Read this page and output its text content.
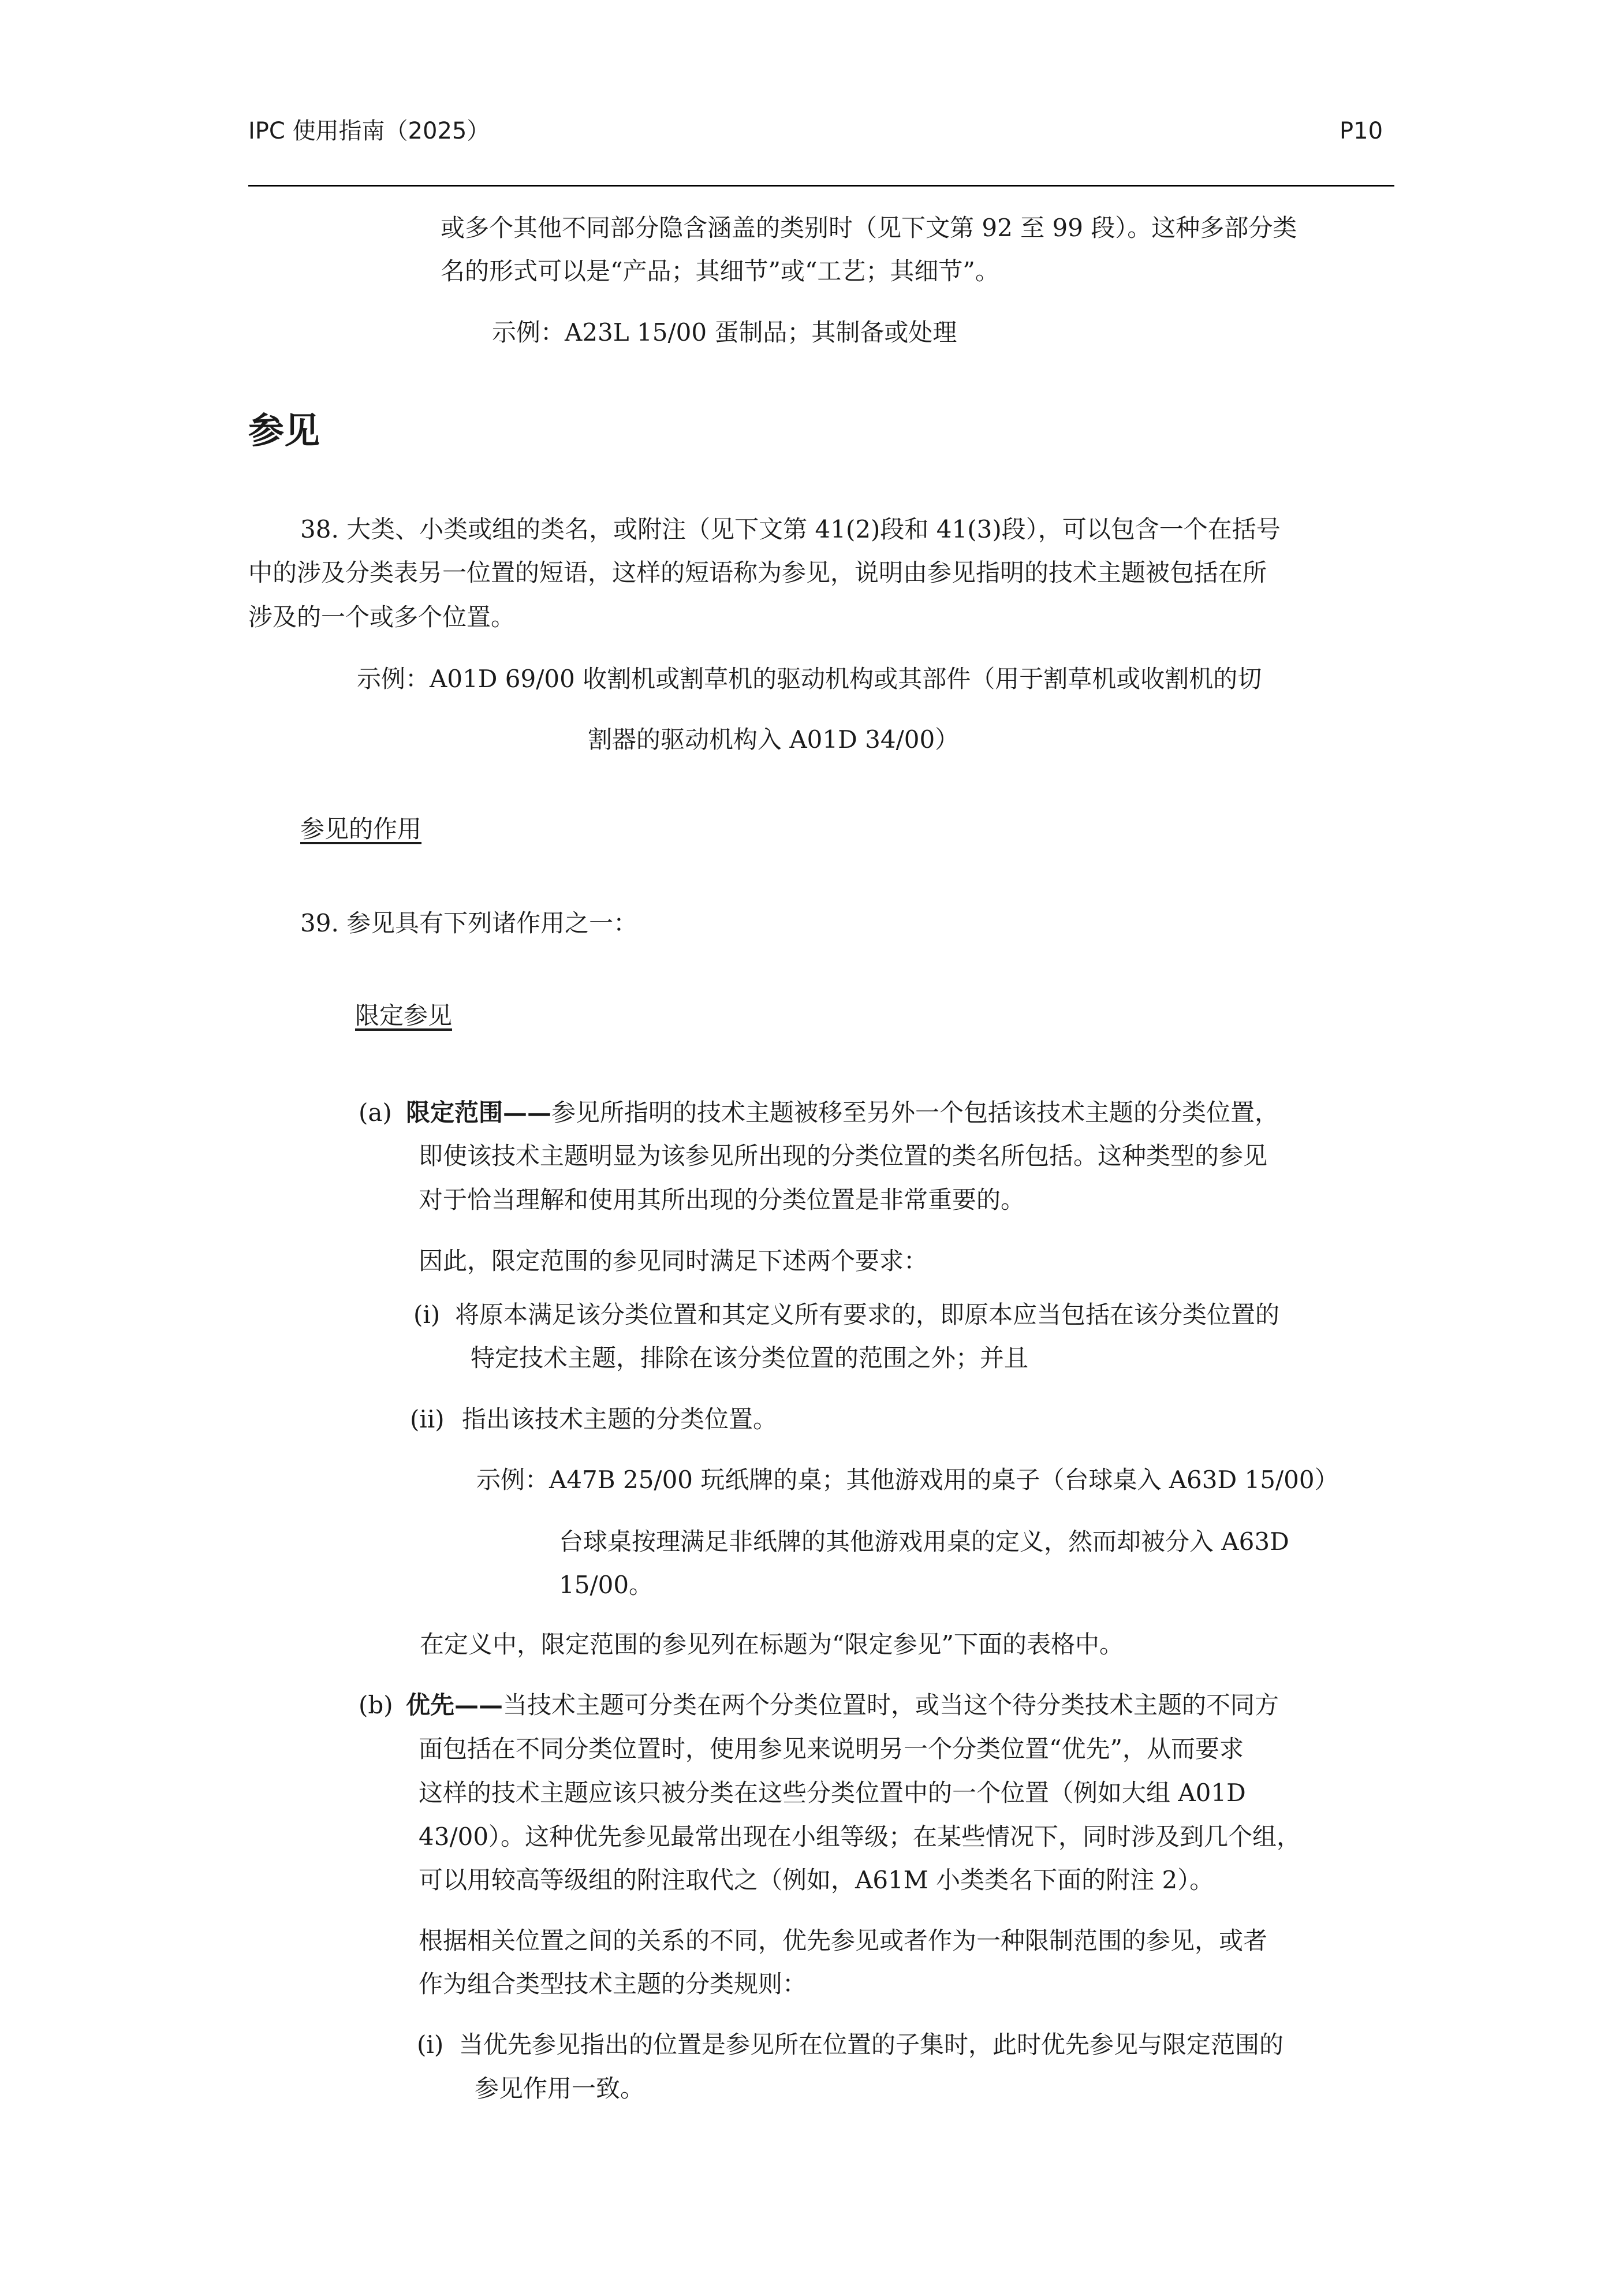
IPC 使用指南（2025）	P10
或多个其他不同部分隐含涵盖的类别时（见下文第 92 至 99 段）。这种多部分类
名的形式可以是“产品；其细节”或“工艺；其细节”。
示例：A23L 15/00 蛋制品；其制备或处理
参见
38. 大类、小类或组的类名，或附注（见下文第 41(2)段和 41(3)段），可以包含一个在括号
中的涉及分类表另一位置的短语，这样的短语称为参见，说明由参见指明的技术主题被包括在所
涉及的一个或多个位置。
示例：A01D 69/00 收割机或割草机的驱动机构或其部件（用于割草机或收割机的切
割器的驱动机构入 A01D 34/00）
参见的作用
39. 参见具有下列诸作用之一：
限定参见
(a) 限定范围——参见所指明的技术主题被移至另外一个包括该技术主题的分类位置，
即使该技术主题明显为该参见所出现的分类位置的类名所包括。这种类型的参见
对于恰当理解和使用其所出现的分类位置是非常重要的。
因此，限定范围的参见同时满足下述两个要求：
(i) 将原本满足该分类位置和其定义所有要求的，即原本应当包括在该分类位置的
特定技术主题，排除在该分类位置的范围之外；并且
(ii) 指出该技术主题的分类位置。
示例：A47B 25/00 玩纸牌的桌；其他游戏用的桌子（台球桌入 A63D 15/00）
台球桌按理满足非纸牌的其他游戏用桌的定义，然而却被分入 A63D
15/00。
在定义中，限定范围的参见列在标题为“限定参见”下面的表格中。
(b) 优先——当技术主题可分类在两个分类位置时，或当这个待分类技术主题的不同方
面包括在不同分类位置时，使用参见来说明另一个分类位置“优先”，从而要求
这样的技术主题应该只被分类在这些分类位置中的一个位置（例如大组 A01D
43/00）。这种优先参见最常出现在小组等级；在某些情况下，同时涉及到几个组，
可以用较高等级组的附注取代之（例如，A61M 小类类名下面的附注 2）。
根据相关位置之间的关系的不同，优先参见或者作为一种限制范围的参见，或者
作为组合类型技术主题的分类规则：
(i) 当优先参见指出的位置是参见所在位置的子集时，此时优先参见与限定范围的
参见作用一致。
